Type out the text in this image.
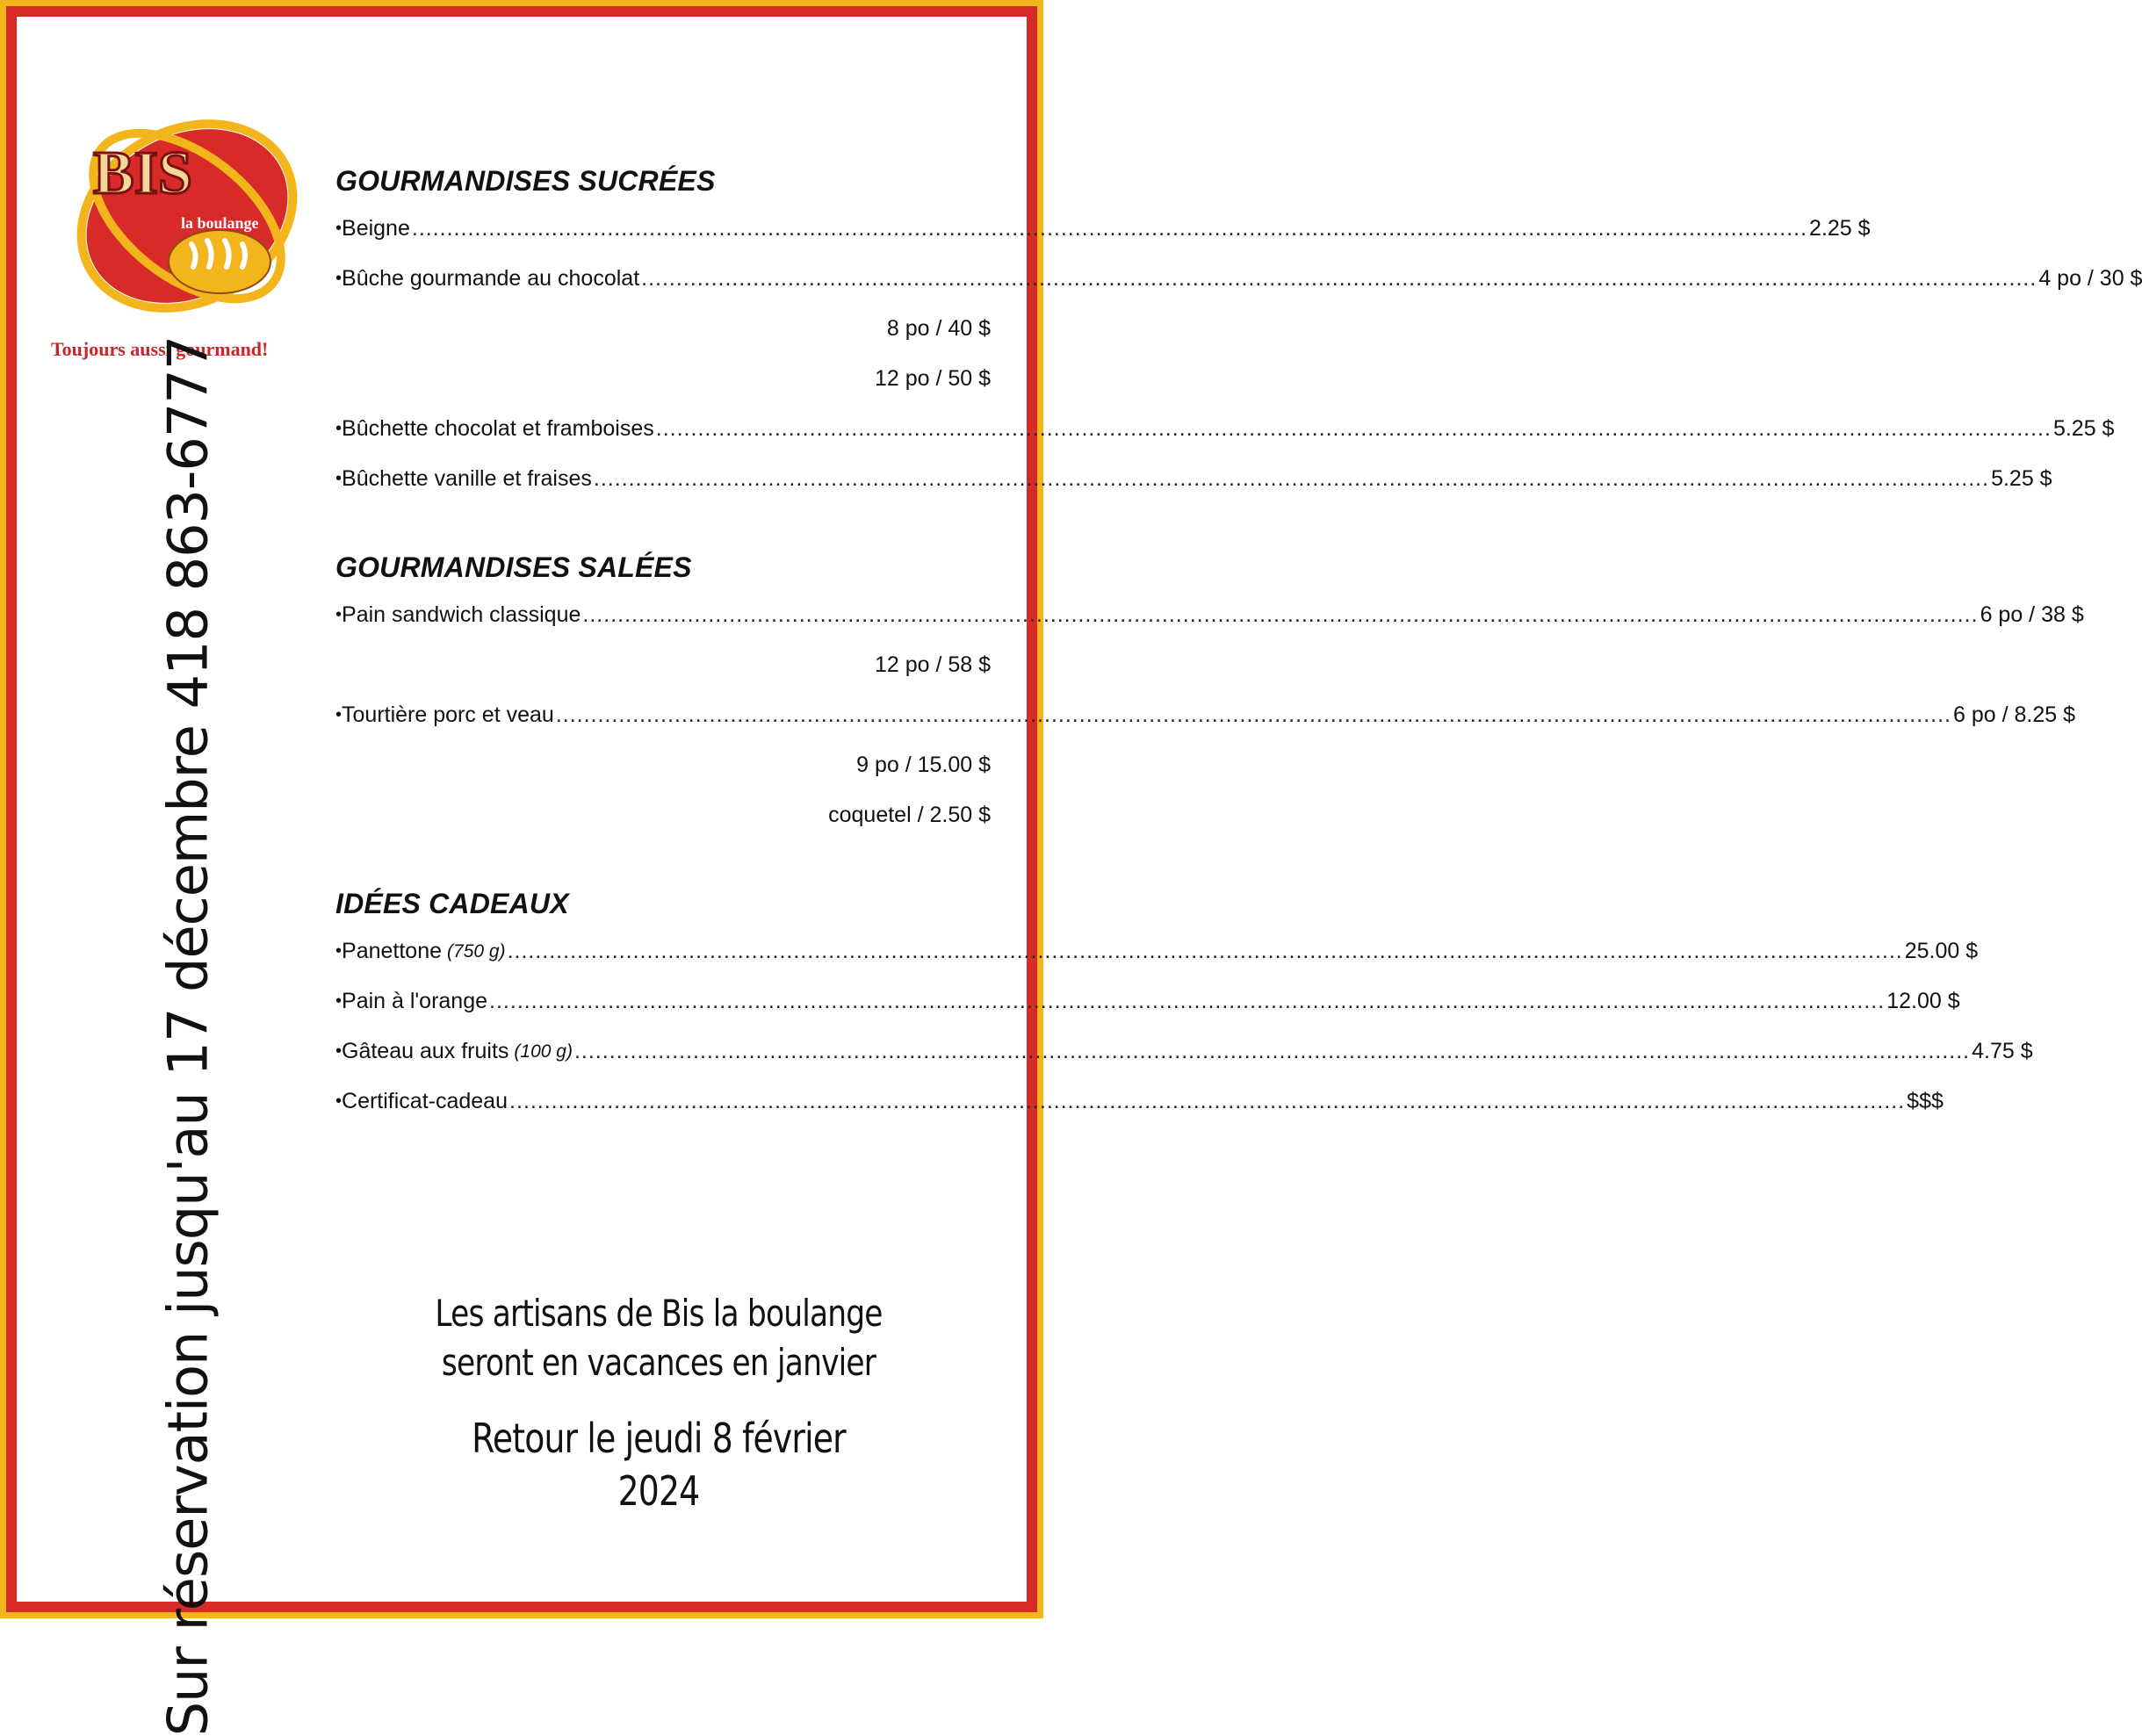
BIS
la boulange
Toujours aussi gourmand!
Sur réservation jusqu'au 17 décembre 418 863-6777
GOURMANDISES SUCRÉES
• Beigne ........................................................................................................................................................................................................ 2.25 $
• Bûche gourmande au chocolat ........................................................................................................................................................................................................ 4 po / 30 $
8 po / 40 $
12 po / 50 $
• Bûchette chocolat et framboises ........................................................................................................................................................................................................ 5.25 $
• Bûchette vanille et fraises ........................................................................................................................................................................................................ 5.25 $
GOURMANDISES SALÉES
• Pain sandwich classique ........................................................................................................................................................................................................ 6 po / 38 $
12 po / 58 $
• Tourtière porc et veau ........................................................................................................................................................................................................ 6 po / 8.25 $
9 po / 15.00 $
coquetel / 2.50 $
IDÉES CADEAUX
• Panettone (750 g) ........................................................................................................................................................................................................ 25.00 $
• Pain à l'orange ........................................................................................................................................................................................................ 12.00 $
• Gâteau aux fruits (100 g) ........................................................................................................................................................................................................ 4.75 $
• Certificat-cadeau ........................................................................................................................................................................................................ $$$
Les artisans de Bis la boulange
seront en vacances en janvier
Retour le jeudi 8 février 2024
